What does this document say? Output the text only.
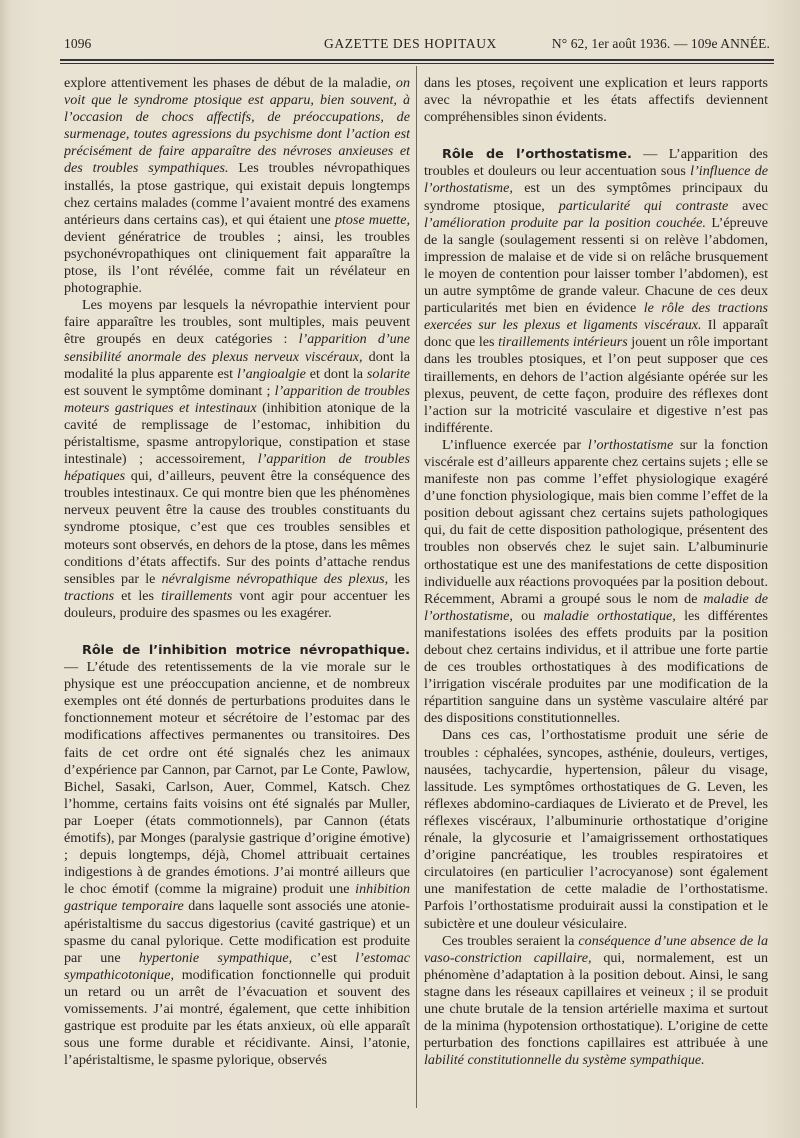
1096	GAZETTE DES HOPITAUX	N° 62, 1er août 1936. — 109e ANNÉE.

explore attentivement les phases de début de la maladie, on voit que le syndrome ptosique est apparu, bien souvent, à l’occasion de chocs affectifs, de préoccupations, de surmenage, toutes agressions du psychisme dont l’action est précisément de faire apparaître des névroses anxieuses et des troubles sympathiques. Les troubles névropathiques installés, la ptose gastrique, qui existait depuis longtemps chez certains malades (comme l’avaient montré des examens antérieurs dans certains cas), et qui étaient une ptose muette, devient génératrice de troubles ; ainsi, les troubles psychonévropathiques ont cliniquement fait apparaître la ptose, ils l’ont révélée, comme fait un révélateur en photographie.

Les moyens par lesquels la névropathie intervient pour faire apparaître les troubles, sont multiples, mais peuvent être groupés en deux catégories : l’apparition d’une sensibilité anormale des plexus nerveux viscéraux, dont la modalité la plus apparente est l’angioalgie et dont la solarite est souvent le symptôme dominant ; l’apparition de troubles moteurs gastriques et intestinaux (inhibition atonique de la cavité de remplissage de l’estomac, inhibition du péristaltisme, spasme antropylorique, constipation et stase intestinale) ; accessoirement, l’apparition de troubles hépatiques qui, d’ailleurs, peuvent être la conséquence des troubles intestinaux. Ce qui montre bien que les phénomènes nerveux peuvent être la cause des troubles constituants du syndrome ptosique, c’est que ces troubles sensibles et moteurs sont observés, en dehors de la ptose, dans les mêmes conditions d’états affectifs. Sur des points d’attache rendus sensibles par le névralgisme névropathique des plexus, les tractions et les tiraillements vont agir pour accentuer les douleurs, produire des spasmes ou les exagérer.

Rôle de l’inhibition motrice névropathique. — L’étude des retentissements de la vie morale sur le physique est une préoccupation ancienne, et de nombreux exemples ont été donnés de perturbations produites dans le fonctionnement moteur et sécrétoire de l’estomac par des modifications affectives permanentes ou transitoires. Des faits de cet ordre ont été signalés chez les animaux d’expérience par Cannon, par Carnot, par Le Conte, Pawlow, Bichel, Sasaki, Carlson, Auer, Commel, Katsch. Chez l’homme, certains faits voisins ont été signalés par Muller, par Loeper (états commotionnels), par Cannon (états émotifs), par Monges (paralysie gastrique d’origine émotive) ; depuis longtemps, déjà, Chomel attribuait certaines indigestions à de grandes émotions. J’ai montré ailleurs que le choc émotif (comme la migraine) produit une inhibition gastrique temporaire dans laquelle sont associés une atonie-apéristaltisme du saccus digestorius (cavité gastrique) et un spasme du canal pylorique. Cette modification est produite par une hypertonie sympathique, c’est l’estomac sympathicotonique, modification fonctionnelle qui produit un retard ou un arrêt de l’évacuation et souvent des vomissements. J’ai montré, également, que cette inhibition gastrique est produite par les états anxieux, où elle apparaît sous une forme durable et récidivante. Ainsi, l’atonie, l’apéristaltisme, le spasme pylorique, observés

dans les ptoses, reçoivent une explication et leurs rapports avec la névropathie et les états affectifs deviennent compréhensibles sinon évidents.

Rôle de l’orthostatisme. — L’apparition des troubles et douleurs ou leur accentuation sous l’influence de l’orthostatisme, est un des symptômes principaux du syndrome ptosique, particularité qui contraste avec l’amélioration produite par la position couchée. L’épreuve de la sangle (soulagement ressenti si on relève l’abdomen, impression de malaise et de vide si on relâche brusquement le moyen de contention pour laisser tomber l’abdomen), est un autre symptôme de grande valeur. Chacune de ces deux particularités met bien en évidence le rôle des tractions exercées sur les plexus et ligaments viscéraux. Il apparaît donc que les tiraillements intérieurs jouent un rôle important dans les troubles ptosiques, et l’on peut supposer que ces tiraillements, en dehors de l’action algésiante opérée sur les plexus, peuvent, de cette façon, produire des réflexes dont l’action sur la motricité vasculaire et digestive n’est pas indifférente.

L’influence exercée par l’orthostatisme sur la fonction viscérale est d’ailleurs apparente chez certains sujets ; elle se manifeste non pas comme l’effet physiologique exagéré d’une fonction physiologique, mais bien comme l’effet de la position debout agissant chez certains sujets pathologiques qui, du fait de cette disposition pathologique, présentent des troubles non observés chez le sujet sain. L’albuminurie orthostatique est une des manifestations de cette disposition individuelle aux réactions provoquées par la position debout. Récemment, Abrami a groupé sous le nom de maladie de l’orthostatisme, ou maladie orthostatique, les différentes manifestations isolées des effets produits par la position debout chez certains individus, et il attribue une forte partie de ces troubles orthostatiques à des modifications de l’irrigation viscérale produites par une modification de la répartition sanguine dans un système vasculaire altéré par des dispositions constitutionnelles.

Dans ces cas, l’orthostatisme produit une série de troubles : céphalées, syncopes, asthénie, douleurs, vertiges, nausées, tachycardie, hypertension, pâleur du visage, lassitude. Les symptômes orthostatiques de G. Leven, les réflexes abdomino-cardiaques de Livierato et de Prevel, les réflexes viscéraux, l’albuminurie orthostatique d’origine rénale, la glycosurie et l’amaigrissement orthostatiques d’origine pancréatique, les troubles respiratoires et circulatoires (en particulier l’acrocyanose) sont également une manifestation de cette maladie de l’orthostatisme. Parfois l’orthostatisme produirait aussi la constipation et le subictère et une douleur vésiculaire.

Ces troubles seraient la conséquence d’une absence de la vaso-constriction capillaire, qui, normalement, est un phénomène d’adaptation à la position debout. Ainsi, le sang stagne dans les réseaux capillaires et veineux ; il se produit une chute brutale de la tension artérielle maxima et surtout de la minima (hypotension orthostatique). L’origine de cette perturbation des fonctions capillaires est attribuée à une labilité constitutionnelle du système sympathique.
